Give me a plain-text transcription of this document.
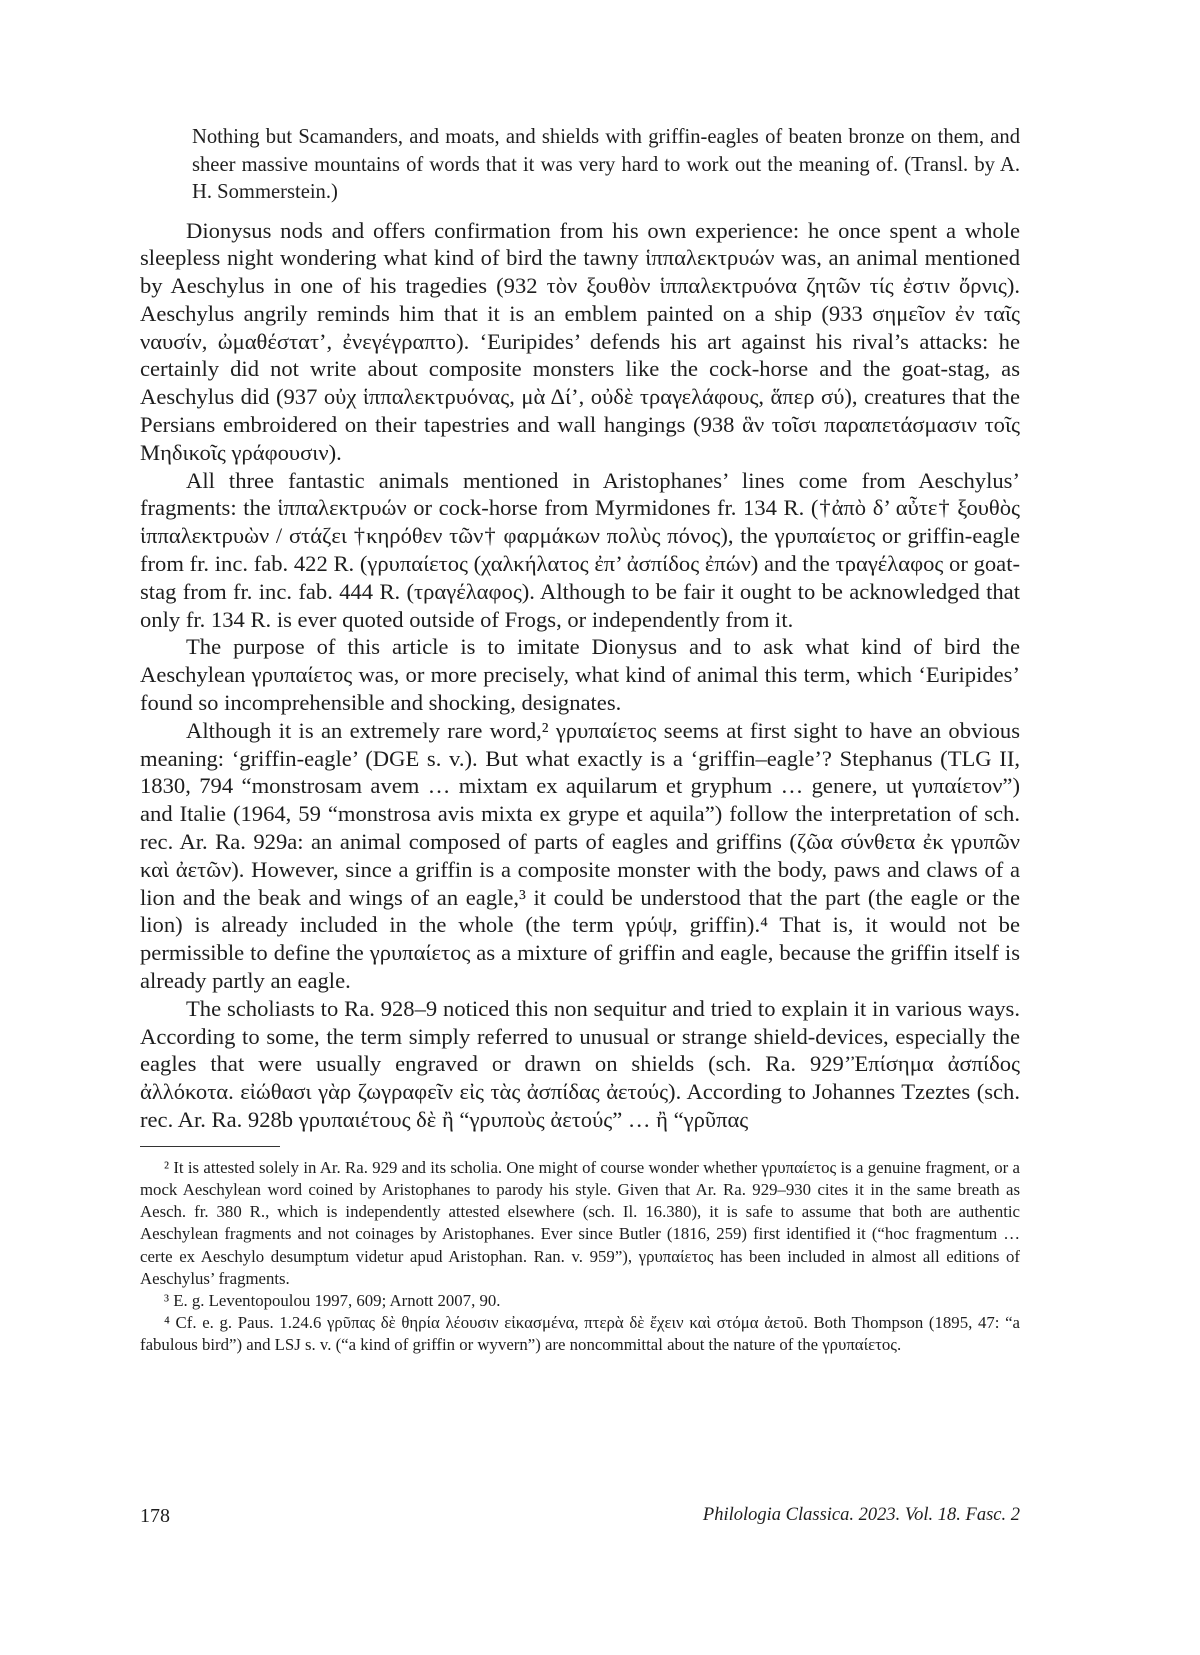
Nothing but Scamanders, and moats, and shields with griffin-eagles of beaten bronze on them, and sheer massive mountains of words that it was very hard to work out the meaning of. (Transl. by A. H. Sommerstein.)

Dionysus nods and offers confirmation from his own experience: he once spent a whole sleepless night wondering what kind of bird the tawny ἱππαλεκτρυών was, an animal mentioned by Aeschylus in one of his tragedies (932 τὸν ξουθὸν ἱππαλεκτρυόνα ζητῶν τίς ἐστιν ὄρνις). Aeschylus angrily reminds him that it is an emblem painted on a ship (933 σημεῖον ἐν ταῖς ναυσίν, ὠμαθέστατ’, ἐνεγέγραπτο). ‘Euripides’ defends his art against his rival’s attacks: he certainly did not write about composite monsters like the cock-horse and the goat-stag, as Aeschylus did (937 οὐχ ἱππαλεκτρυόνας, μὰ Δί’, οὐδὲ τραγελάφους, ἅπερ σύ), creatures that the Persians embroidered on their tapestries and wall hangings (938 ἃν τοῖσι παραπετάσμασιν τοῖς Μηδικοῖς γράφουσιν).

All three fantastic animals mentioned in Aristophanes’ lines come from Aeschylus’ fragments: the ἱππαλεκτρυών or cock-horse from Myrmidones fr. 134 R. (†ἀπὸ δ’ αὖτε† ξουθὸς ἱππαλεκτρυὼν / στάζει †κηρόθεν τῶν† φαρμάκων πολὺς πόνος), the γρυπαίετος or griffin-eagle from fr. inc. fab. 422 R. (γρυπαίετος (χαλκήλατος ἐπ’ ἀσπίδος ἐπών) and the τραγέλαφος or goat-stag from fr. inc. fab. 444 R. (τραγέλαφος). Although to be fair it ought to be acknowledged that only fr. 134 R. is ever quoted outside of Frogs, or independently from it.

The purpose of this article is to imitate Dionysus and to ask what kind of bird the Aeschylean γρυπαίετος was, or more precisely, what kind of animal this term, which ‘Euripides’ found so incomprehensible and shocking, designates.

Although it is an extremely rare word,² γρυπαίετος seems at first sight to have an obvious meaning: ‘griffin-eagle’ (DGE s. v.). But what exactly is a ‘griffin–eagle’? Stephanus (TLG II, 1830, 794 “monstrosam avem … mixtam ex aquilarum et gryphum … genere, ut γυπαίετον”) and Italie (1964, 59 “monstrosa avis mixta ex grype et aquila”) follow the interpretation of sch. rec. Ar. Ra. 929a: an animal composed of parts of eagles and griffins (ζῶα σύνθετα ἐκ γρυπῶν καὶ ἀετῶν). However, since a griffin is a composite monster with the body, paws and claws of a lion and the beak and wings of an eagle,³ it could be understood that the part (the eagle or the lion) is already included in the whole (the term γρύψ, griffin).⁴ That is, it would not be permissible to define the γρυπαίετος as a mixture of griffin and eagle, because the griffin itself is already partly an eagle.

The scholiasts to Ra. 928–9 noticed this non sequitur and tried to explain it in various ways. According to some, the term simply referred to unusual or strange shield-devices, especially the eagles that were usually engraved or drawn on shields (sch. Ra. 929’Ἐπίσημα ἀσπίδος ἀλλόκοτα. εἰώθασι γὰρ ζωγραφεῖν εἰς τὰς ἀσπίδας ἀετούς). According to Johannes Tzeztes (sch. rec. Ar. Ra. 928b γρυπαιέτους δὲ ἢ “γρυποὺς ἀετούς” … ἢ “γρῦπας

² It is attested solely in Ar. Ra. 929 and its scholia. One might of course wonder whether γρυπαίετος is a genuine fragment, or a mock Aeschylean word coined by Aristophanes to parody his style. Given that Ar. Ra. 929–930 cites it in the same breath as Aesch. fr. 380 R., which is independently attested elsewhere (sch. Il. 16.380), it is safe to assume that both are authentic Aeschylean fragments and not coinages by Aristophanes. Ever since Butler (1816, 259) first identified it (“hoc fragmentum … certe ex Aeschylo desumptum videtur apud Aristophan. Ran. v. 959”), γρυπαίετος has been included in almost all editions of Aeschylus’ fragments.

³ E. g. Leventopoulou 1997, 609; Arnott 2007, 90.

⁴ Cf. e. g. Paus. 1.24.6 γρῦπας δὲ θηρία λέουσιν εἰκασμένα, πτερὰ δὲ ἔχειν καὶ στόμα ἀετοῦ. Both Thompson (1895, 47: “a fabulous bird”) and LSJ s. v. (“a kind of griffin or wyvern”) are noncommittal about the nature of the γρυπαίετος.

178	Philologia Classica. 2023. Vol. 18. Fasc. 2
